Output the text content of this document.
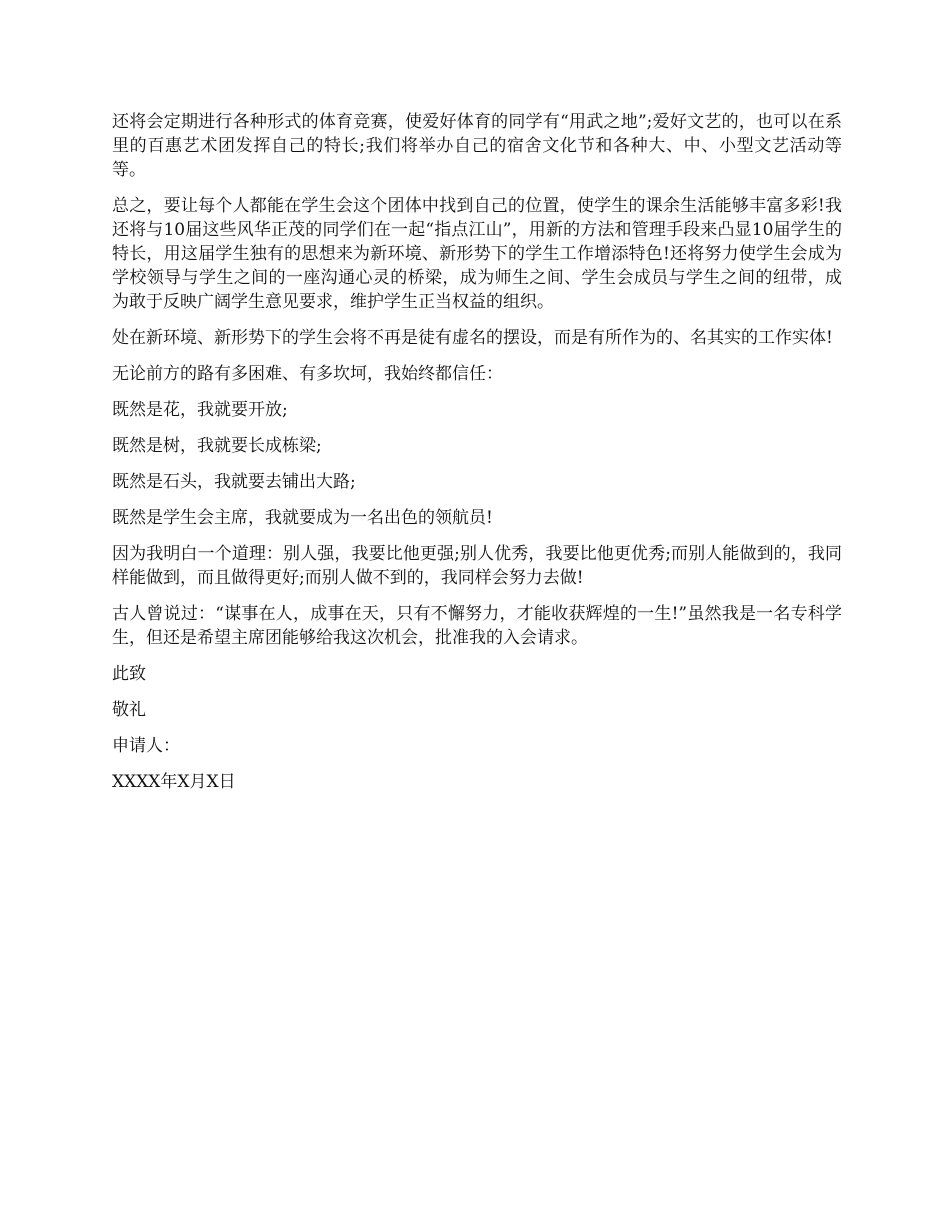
还将会定期进行各种形式的体育竞赛，使爱好体育的同学有“用武之地”;爱好文艺的，也可以在系里的百惠艺术团发挥自己的特长;我们将举办自己的宿舍文化节和各种大、中、小型文艺活动等等。

总之，要让每个人都能在学生会这个团体中找到自己的位置，使学生的课余生活能够丰富多彩!我还将与10届这些风华正茂的同学们在一起“指点江山”，用新的方法和管理手段来凸显10届学生的特长，用这届学生独有的思想来为新环境、新形势下的学生工作增添特色!还将努力使学生会成为学校领导与学生之间的一座沟通心灵的桥梁，成为师生之间、学生会成员与学生之间的纽带，成为敢于反映广阔学生意见要求，维护学生正当权益的组织。

处在新环境、新形势下的学生会将不再是徒有虚名的摆设，而是有所作为的、名其实的工作实体!

无论前方的路有多困难、有多坎坷，我始终都信任：

既然是花，我就要开放;

既然是树，我就要长成栋梁;

既然是石头，我就要去铺出大路;

既然是学生会主席，我就要成为一名出色的领航员!

因为我明白一个道理：别人强，我要比他更强;别人优秀，我要比他更优秀;而别人能做到的，我同样能做到，而且做得更好;而别人做不到的，我同样会努力去做!

古人曾说过：“谋事在人，成事在天，只有不懈努力，才能收获辉煌的一生!”虽然我是一名专科学生，但还是希望主席团能够给我这次机会，批准我的入会请求。

此致

敬礼

申请人：

XXXX年X月X日
